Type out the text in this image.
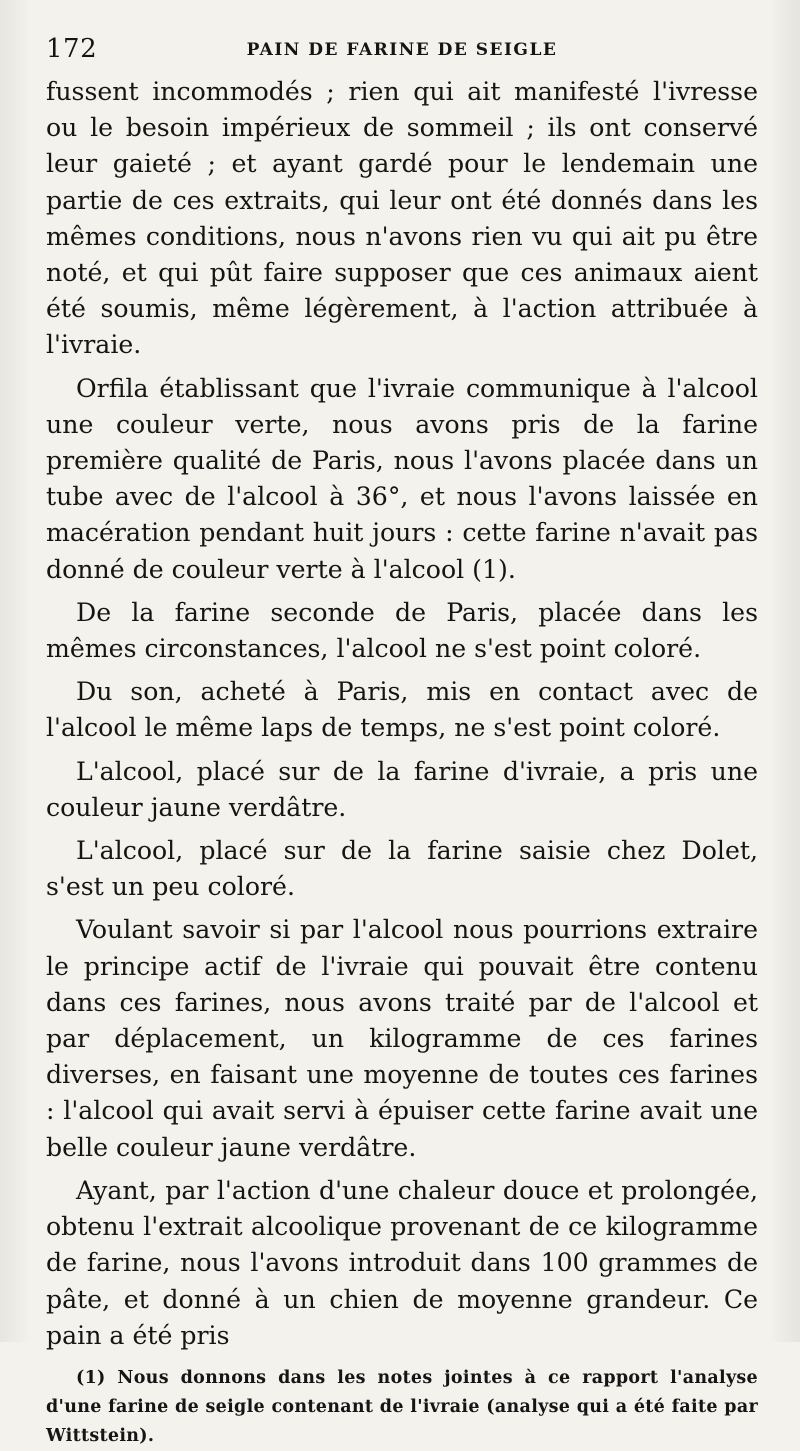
172	PAIN DE FARINE DE SEIGLE

fussent incommodés ; rien qui ait manifesté l'ivresse ou le besoin impérieux de sommeil ; ils ont conservé leur gaieté ; et ayant gardé pour le lendemain une partie de ces extraits, qui leur ont été donnés dans les mêmes conditions, nous n'avons rien vu qui ait pu être noté, et qui pût faire supposer que ces animaux aient été soumis, même légèrement, à l'action attribuée à l'ivraie.

Orfila établissant que l'ivraie communique à l'alcool une couleur verte, nous avons pris de la farine première qualité de Paris, nous l'avons placée dans un tube avec de l'alcool à 36°, et nous l'avons laissée en macération pendant huit jours : cette farine n'avait pas donné de couleur verte à l'alcool (1).

De la farine seconde de Paris, placée dans les mêmes circonstances, l'alcool ne s'est point coloré.

Du son, acheté à Paris, mis en contact avec de l'alcool le même laps de temps, ne s'est point coloré.

L'alcool, placé sur de la farine d'ivraie, a pris une couleur jaune verdâtre.

L'alcool, placé sur de la farine saisie chez Dolet, s'est un peu coloré.

Voulant savoir si par l'alcool nous pourrions extraire le principe actif de l'ivraie qui pouvait être contenu dans ces farines, nous avons traité par de l'alcool et par déplacement, un kilogramme de ces farines diverses, en faisant une moyenne de toutes ces farines : l'alcool qui avait servi à épuiser cette farine avait une belle couleur jaune verdâtre.

Ayant, par l'action d'une chaleur douce et prolongée, obtenu l'extrait alcoolique provenant de ce kilogramme de farine, nous l'avons introduit dans 100 grammes de pâte, et donné à un chien de moyenne grandeur. Ce pain a été pris

(1) Nous donnons dans les notes jointes à ce rapport l'analyse d'une farine de seigle contenant de l'ivraie (analyse qui a été faite par Wittstein).
